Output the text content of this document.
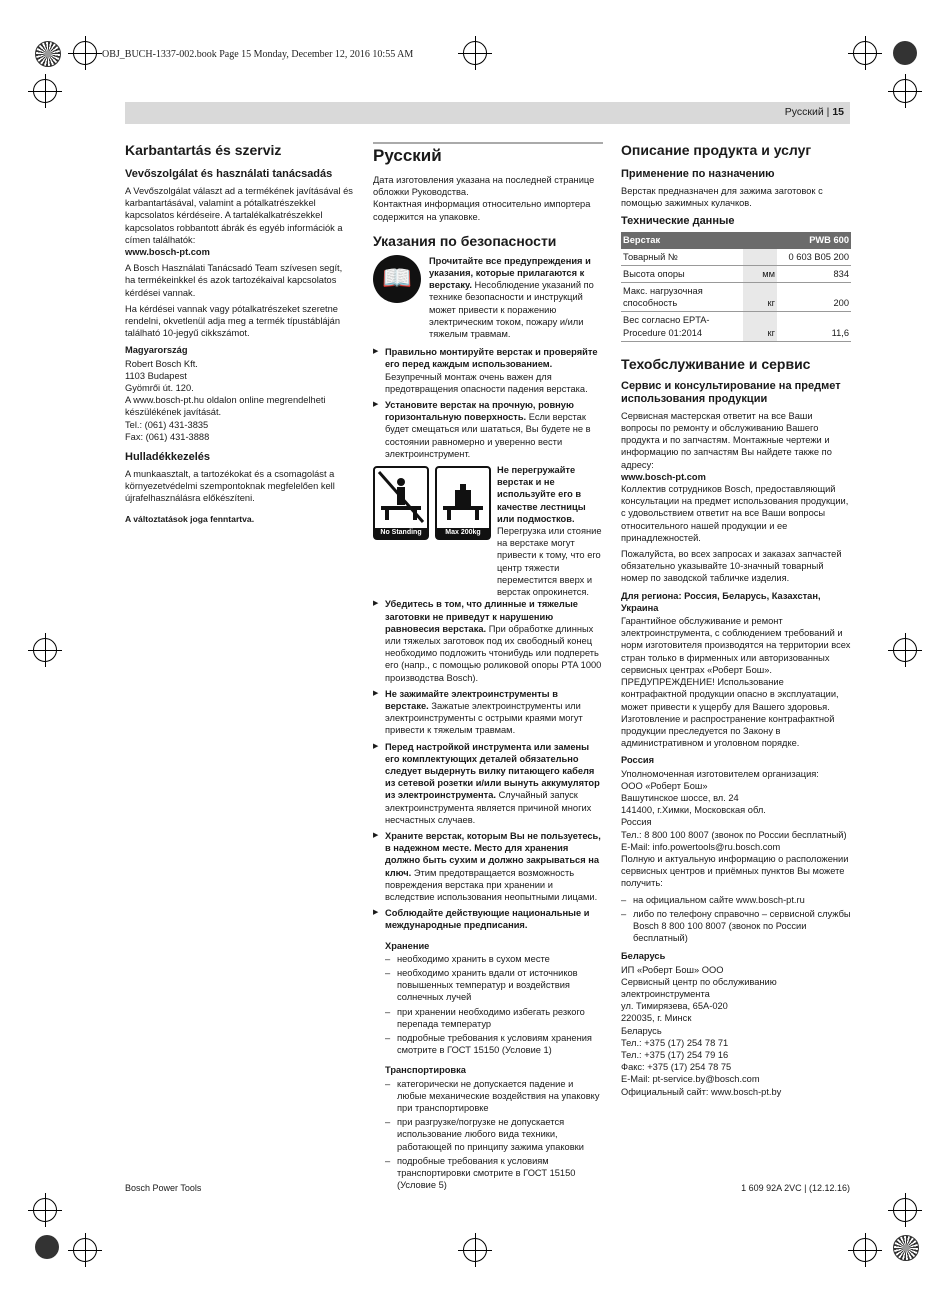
OBJ_BUCH-1337-002.book Page 15 Monday, December 12, 2016 10:55 AM
Русский | 15
Karbantartás és szerviz
Vevőszolgálat és használati tanácsadás

A Vevőszolgálat választ ad a termékének javításával és karbantartásával, valamint a pótalkatrészekkel kapcsolatos kérdéseire. A tartalékalkatrészekkel kapcsolatos robbantott ábrák és egyéb információk a címen találhatók:

www.bosch-pt.com

A Bosch Használati Tanácsadó Team szívesen segít, ha termékeinkkel és azok tartozékaival kapcsolatos kérdései vannak.

Ha kérdései vannak vagy pótalkatrészeket szeretne rendelni, okvetlenül adja meg a termék típustábláján található 10-jegyű cikkszámot.

Magyarország
Robert Bosch Kft.
1103 Budapest
Gyömrői út. 120.
A www.bosch-pt.hu oldalon online megrendelheti készülékének javítását.
Tel.: (061) 431-3835
Fax: (061) 431-3888
Hulladékkezelés

A munkaasztalt, a tartozékokat és a csomagolást a környezetvédelmi szempontoknak megfelelően kell újrafelhasználásra előkészíteni.

A változtatások joga fenntartva.
Русский
Дата изготовления указана на последней странице обложки Руководства.

Контактная информация относительно импортера содержится на упаковке.

Указания по безопасности
📖
Прочитайте все предупреждения и указания, которые прилагаются к верстаку. Несоблюдение указаний по технике безопасности и инструкций может привести к поражению электрическим током, пожару и/или тяжелым травмам.
▶ Правильно монтируйте верстак и проверяйте его перед каждым использованием. Безупречный монтаж очень важен для предотвращения опасности падения верстака.
▶ Установите верстак на прочную, ровную горизонтальную поверхность. Если верстак будет смещаться или шататься, Вы будете не в состоянии равномерно и уверенно вести электроинструмент.
No Standing	Max 200kg
Не перегружайте верстак и не используйте его в качестве лестницы или подмостков. Перегрузка или стояние на верстаке могут привести к тому, что его центр тяжести переместится вверх и верстак опрокинется.
▶ Убедитесь в том, что длинные и тяжелые заготовки не приведут к нарушению равновесия верстака. При обработке длинных или тяжелых заготовок под их свободный конец необходимо подложить чтонибудь или подпереть его (напр., с помощью роликовой опоры PTA 1000 производства Bosch).
▶ Не зажимайте электроинструменты в верстаке. Зажатые электроинструменты или электроинструменты с острыми краями могут привести к тяжелым травмам.
▶ Перед настройкой инструмента или замены его комплектующих деталей обязательно следует выдернуть вилку питающего кабеля из сетевой розетки и/или вынуть аккумулятор из электроинструмента. Случайный запуск электроинструмента является причиной многих несчастных случаев.
▶ Храните верстак, которым Вы не пользуетесь, в надежном месте. Место для хранения должно быть сухим и должно закрываться на ключ. Этим предотвращается возможность повреждения верстака при хранении и вследствие использования неопытными лицами.
▶ Соблюдайте действующие национальные и международные предписания.
Хранение
– необходимо хранить в сухом месте
– необходимо хранить вдали от источников повышенных температур и воздействия солнечных лучей
– при хранении необходимо избегать резкого перепада температур
– подробные требования к условиям хранения смотрите в ГОСТ 15150 (Условие 1)
Транспортировка
– категорически не допускается падение и любые механические воздействия на упаковку при транспортировке
– при разгрузке/погрузке не допускается использование любого вида техники, работающей по принципу зажима упаковки
– подробные требования к условиям транспортировки смотрите в ГОСТ 15150 (Условие 5)
Описание продукта и услуг
Применение по назначению

Верстак предназначен для зажима заготовок с помощью зажимных кулачков.

Технические данные
Верстак		PWB 600
Товарный №		0 603 B05 200
Высота опоры	мм	834
Макс. нагрузочная способность	кг	200
Вес согласно EPTA-Procedure 01:2014	кг	11,6
Техобслуживание и сервис
Сервис и консультирование на предмет использования продукции

Сервисная мастерская ответит на все Ваши вопросы по ремонту и обслуживанию Вашего продукта и по запчастям. Монтажные чертежи и информацию по запчастям Вы найдете также по адресу:

www.bosch-pt.com

Коллектив сотрудников Bosch, предоставляющий консультации на предмет использования продукции, с удовольствием ответит на все Ваши вопросы относительного нашей продукции и ее принадлежностей.

Пожалуйста, во всех запросах и заказах запчастей обязательно указывайте 10-значный товарный номер по заводской табличке изделия.

Для региона: Россия, Беларусь, Казахстан, Украина
Гарантийное обслуживание и ремонт электроинструмента, с соблюдением требований и норм изготовителя производятся на территории всех стран только в фирменных или авторизованных сервисных центрах «Роберт Бош».

ПРЕДУПРЕЖДЕНИЕ! Использование контрафактной продукции опасно в эксплуатации, может привести к ущербу для Вашего здоровья. Изготовление и распространение контрафактной продукции преследуется по Закону в административном и уголовном порядке.

Россия
Уполномоченная изготовителем организация:
ООО «Роберт Бош»
Вашутинское шоссе, вл. 24
141400, г.Химки, Московская обл.
Россия
Тел.: 8 800 100 8007 (звонок по России бесплатный)
E-Mail: info.powertools@ru.bosch.com

Полную и актуальную информацию о расположении сервисных центров и приёмных пунктов Вы можете получить:

– на официальном сайте www.bosch-pt.ru
– либо по телефону справочно – сервисной службы Bosch 8 800 100 8007 (звонок по России бесплатный)
Беларусь
ИП «Роберт Бош» ООО
Сервисный центр по обслуживанию электроинструмента
ул. Тимирязева, 65А-020
220035, г. Минск
Беларусь
Тел.: +375 (17) 254 78 71
Тел.: +375 (17) 254 79 16
Факс: +375 (17) 254 78 75
E-Mail: pt-service.by@bosch.com
Официальный сайт: www.bosch-pt.by
Bosch Power Tools	1 609 92A 2VC | (12.12.16)
